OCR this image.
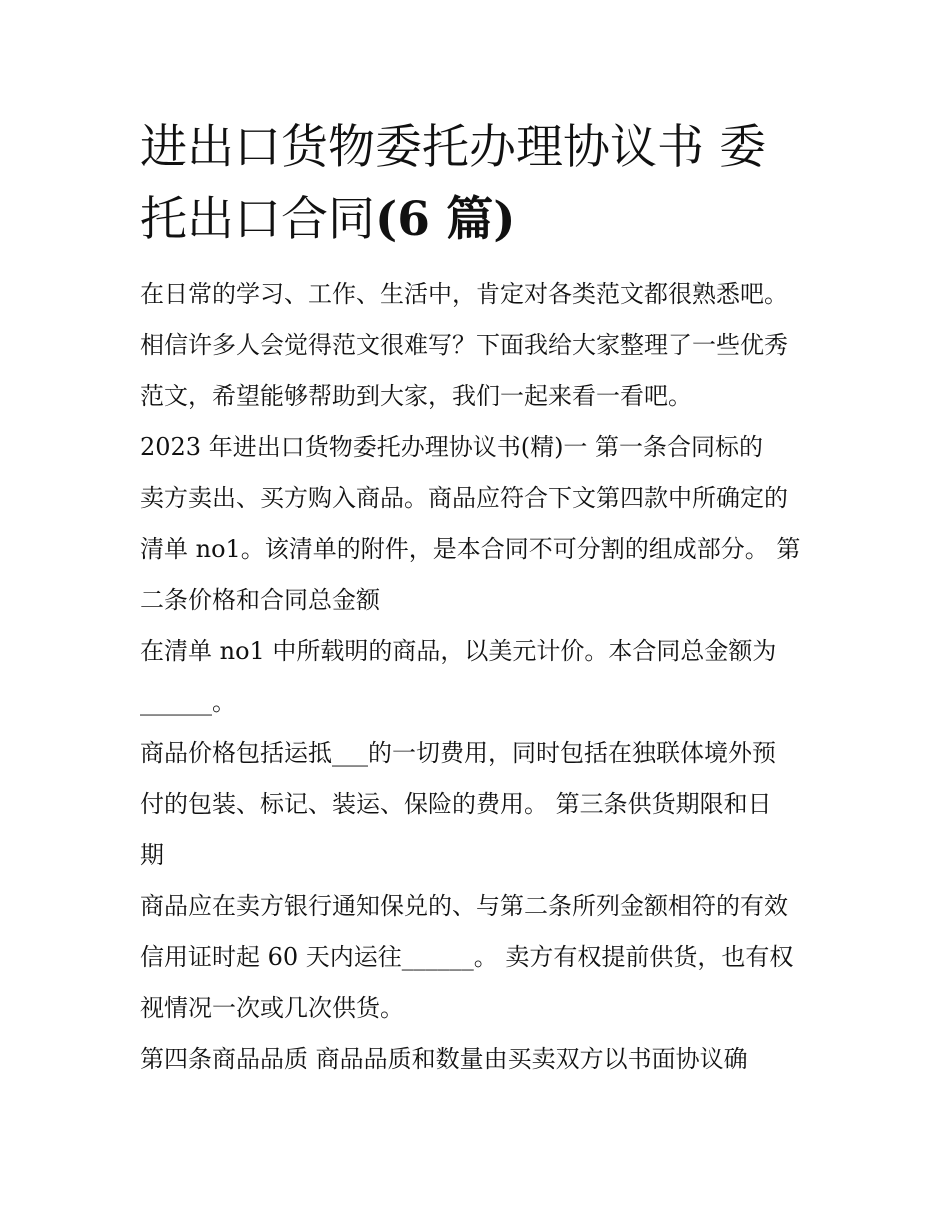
进出口货物委托办理协议书 委
托出口合同(6 篇)
在日常的学习、工作、生活中，肯定对各类范文都很熟悉吧。
相信许多人会觉得范文很难写？下面我给大家整理了一些优秀
范文，希望能够帮助到大家，我们一起来看一看吧。
2023 年进出口货物委托办理协议书(精)一 第一条合同标的
卖方卖出、买方购入商品。商品应符合下文第四款中所确定的
清单 no1。该清单的附件，是本合同不可分割的组成部分。 第
二条价格和合同总金额
在清单 no1 中所载明的商品，以美元计价。本合同总金额为
______。
商品价格包括运抵___的一切费用，同时包括在独联体境外预
付的包装、标记、装运、保险的费用。 第三条供货期限和日
期
商品应在卖方银行通知保兑的、与第二条所列金额相符的有效
信用证时起 60 天内运往______。 卖方有权提前供货，也有权
视情况一次或几次供货。
第四条商品品质 商品品质和数量由买卖双方以书面协议确
